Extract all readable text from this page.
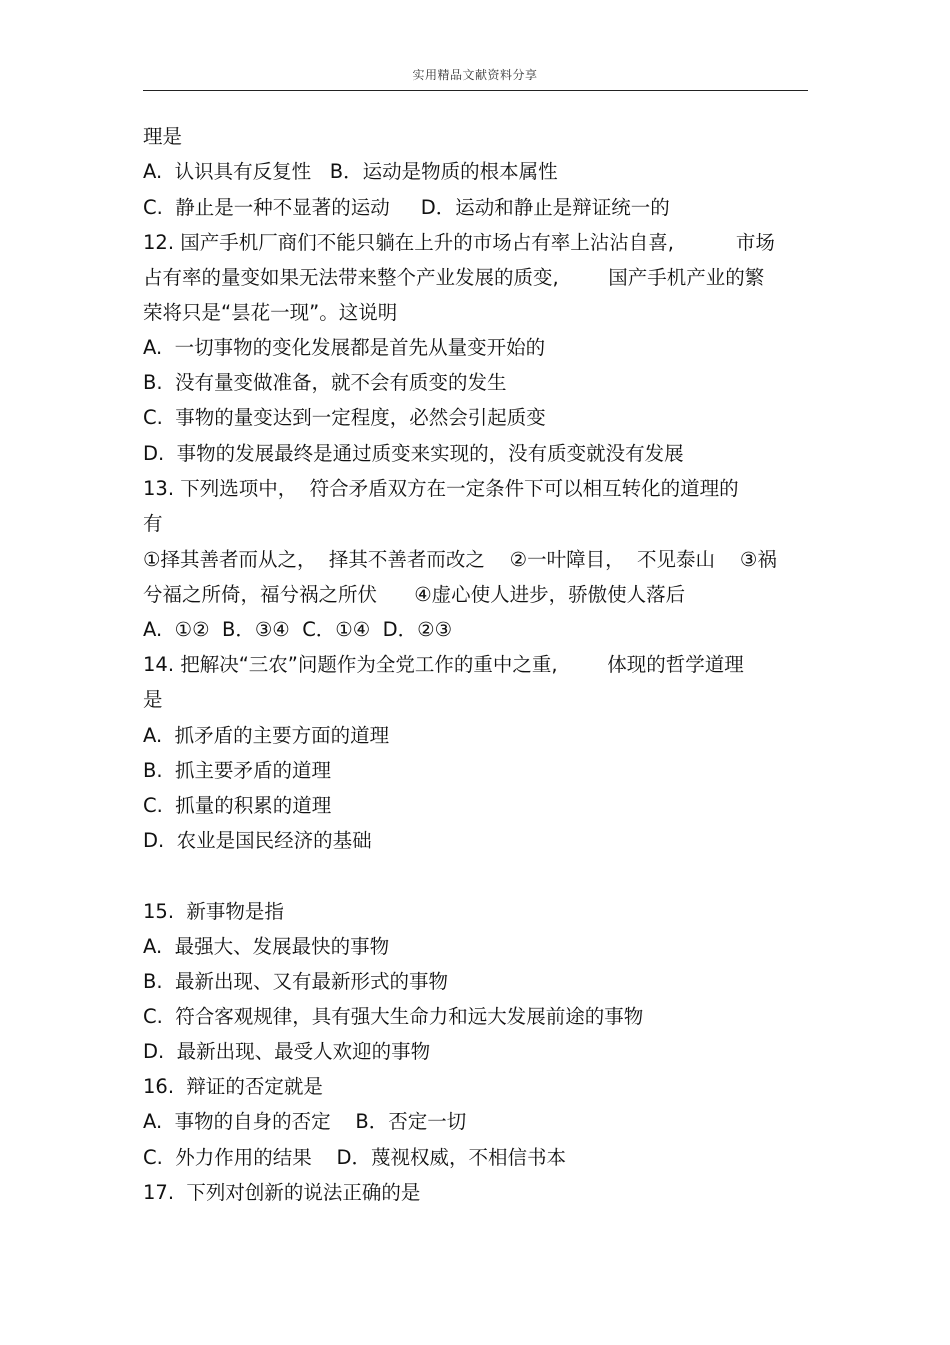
实用精品文献资料分享
理是
A.  认识具有反复性   B．运动是物质的根本属性
C.  静止是一种不显著的运动     D．运动和静止是辩证统一的
12. 国产手机厂商们不能只躺在上升的市场占有率上沾沾自喜,          市场
占有率的量变如果无法带来整个产业发展的质变,        国产手机产业的繁
荣将只是“昙花一现”。这说明
A.  一切事物的变化发展都是首先从量变开始的
B.  没有量变做准备，就不会有质变的发生
C.  事物的量变达到一定程度，必然会引起质变
D.  事物的发展最终是通过质变来实现的，没有质变就没有发展
13. 下列选项中，  符合矛盾双方在一定条件下可以相互转化的道理的
有
①择其善者而从之，  择其不善者而改之    ②一叶障目，  不见泰山    ③祸
兮福之所倚，福兮祸之所伏      ④虚心使人进步，骄傲使人落后
A.  ①②  B．③④  C．①④  D．②③
14. 把解决“三农”问题作为全党工作的重中之重,        体现的哲学道理
是
A.  抓矛盾的主要方面的道理
B.  抓主要矛盾的道理
C.  抓量的积累的道理
D.  农业是国民经济的基础
15.  新事物是指
A.  最强大、发展最快的事物
B.  最新出现、又有最新形式的事物
C.  符合客观规律，具有强大生命力和远大发展前途的事物
D.  最新出现、最受人欢迎的事物
16.  辩证的否定就是
A.  事物的自身的否定    B．否定一切
C.  外力作用的结果    D．蔑视权威，不相信书本
17.  下列对创新的说法正确的是
